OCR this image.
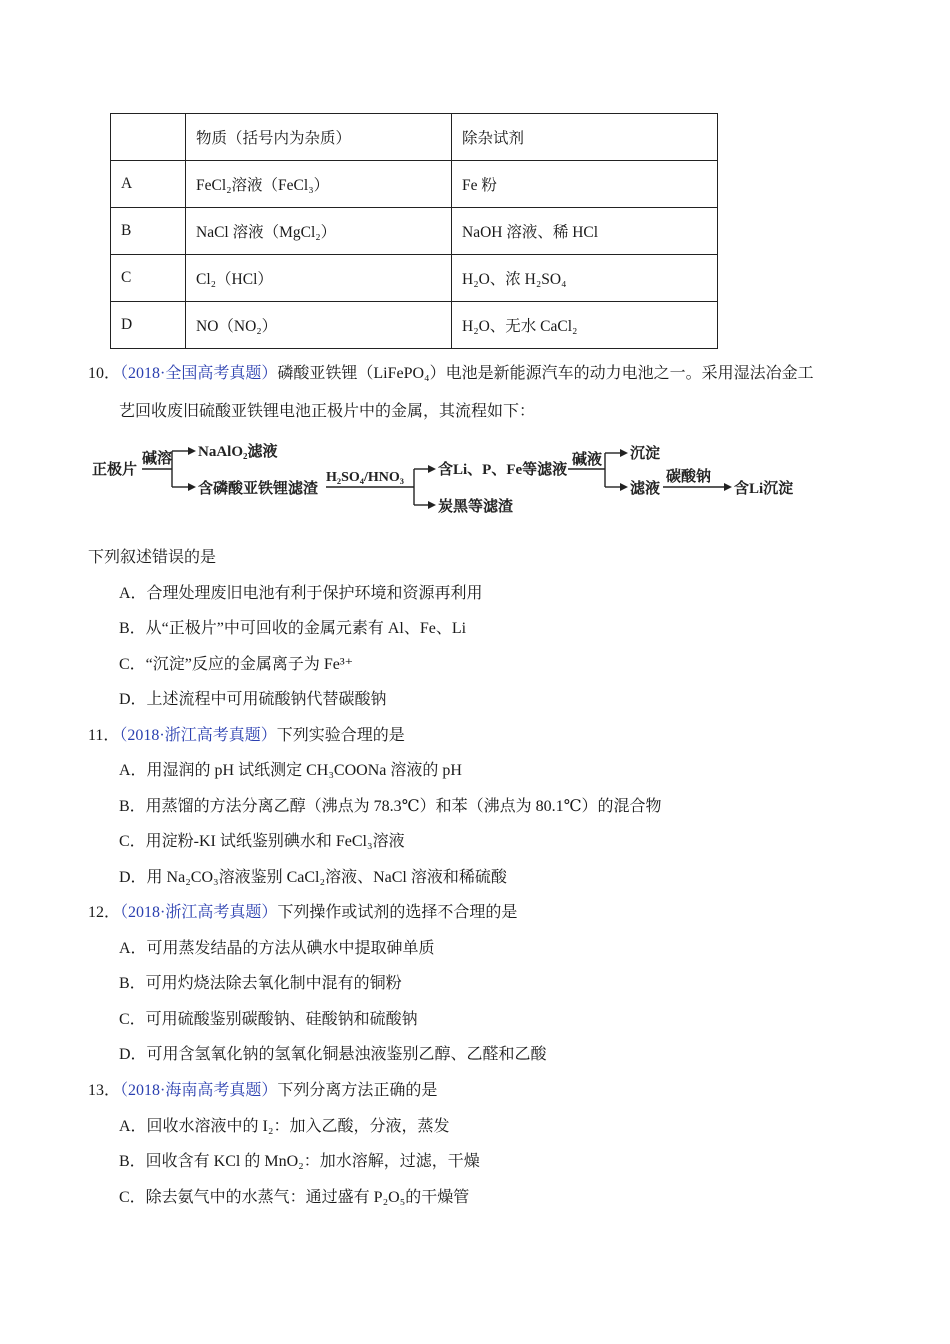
	物质（括号内为杂质）	除杂试剂
A	FeCl₂溶液（FeCl₃）	Fe 粉
B	NaCl 溶液（MgCl₂）	NaOH 溶液、稀 HCl
C	Cl₂（HCl）	H₂O、浓 H₂SO₄
D	NO（NO₂）	H₂O、无水 CaCl₂
10．（2018·全国高考真题）磷酸亚铁锂（LiFePO₄）电池是新能源汽车的动力电池之一。采用湿法冶金工
艺回收废旧硫酸亚铁锂电池正极片中的金属，其流程如下：
正极片
碱溶 NaAlO₂滤液
含磷酸亚铁锂滤渣
H₂SO₄/HNO₃ 含Li、P、Fe等滤液
炭黑等滤渣
碱液 沉淀
滤液
碳酸钠
含Li沉淀
下列叙述错误的是
A．合理处理废旧电池有利于保护环境和资源再利用
B．从“正极片”中可回收的金属元素有 Al、Fe、Li
C．“沉淀”反应的金属离子为 Fe³⁺
D．上述流程中可用硫酸钠代替碳酸钠
11．（2018·浙江高考真题）下列实验合理的是
A．用湿润的 pH 试纸测定 CH₃COONa 溶液的 pH
B．用蒸馏的方法分离乙醇（沸点为 78.3℃）和苯（沸点为 80.1℃）的混合物
C．用淀粉-KI 试纸鉴别碘水和 FeCl₃溶液
D．用 Na₂CO₃溶液鉴别 CaCl₂溶液、NaCl 溶液和稀硫酸
12．（2018·浙江高考真题）下列操作或试剂的选择不合理的是
A．可用蒸发结晶的方法从碘水中提取砷单质
B．可用灼烧法除去氧化制中混有的铜粉
C．可用硫酸鉴别碳酸钠、硅酸钠和硫酸钠
D．可用含氢氧化钠的氢氧化铜悬浊液鉴别乙醇、乙醛和乙酸
13．（2018·海南高考真题）下列分离方法正确的是
A．回收水溶液中的 I₂：加入乙酸，分液，蒸发
B．回收含有 KCl 的 MnO₂：加水溶解，过滤，干燥
C．除去氨气中的水蒸气：通过盛有 P₂O₅的干燥管
